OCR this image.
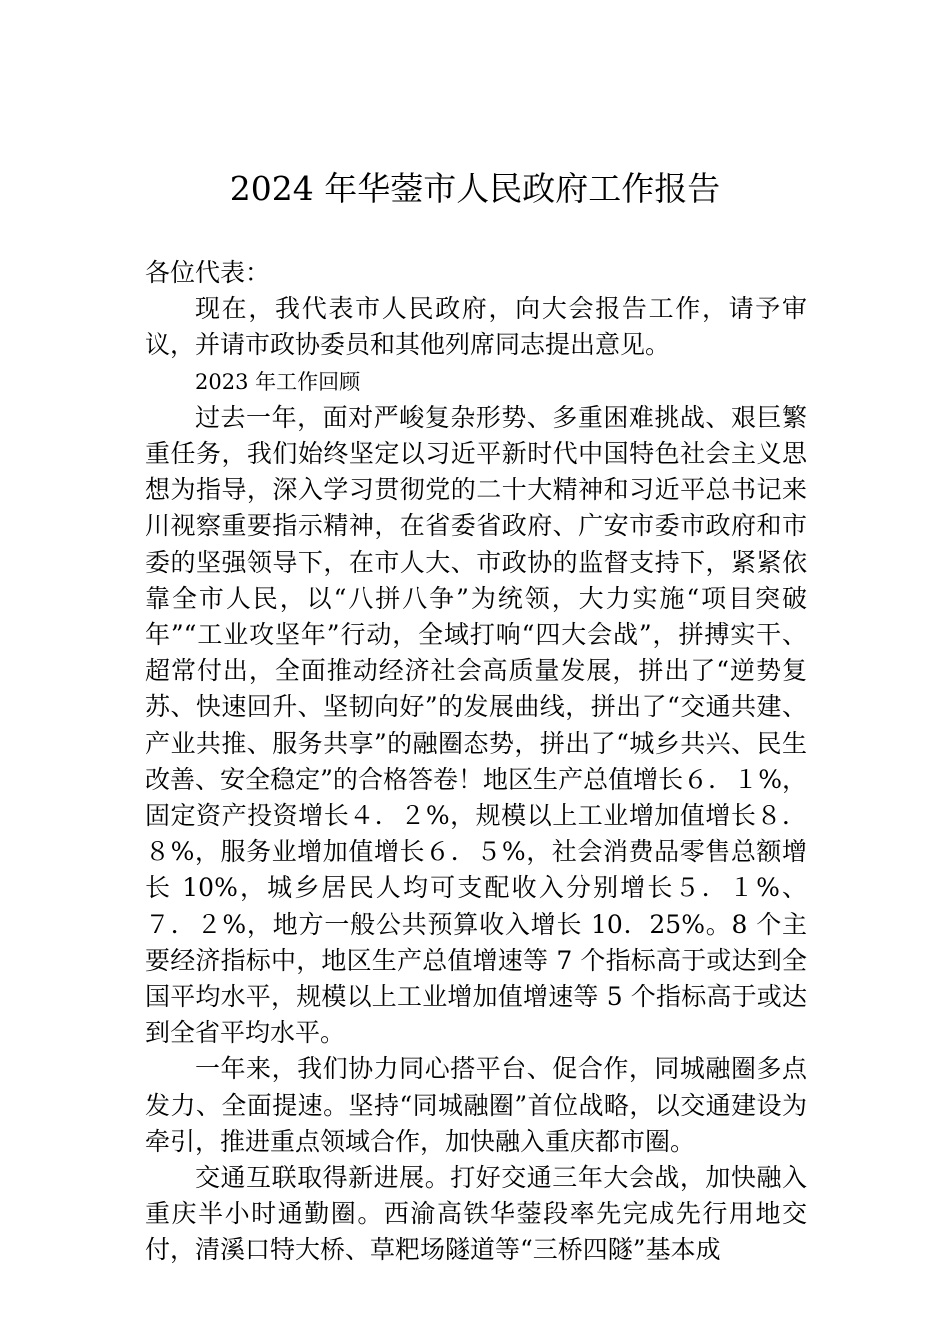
2024 年华蓥市人民政府工作报告

各位代表：

现在，我代表市人民政府，向大会报告工作，请予审议，并请市政协委员和其他列席同志提出意见。

2023 年工作回顾

过去一年，面对严峻复杂形势、多重困难挑战、艰巨繁重任务，我们始终坚定以习近平新时代中国特色社会主义思想为指导，深入学习贯彻党的二十大精神和习近平总书记来川视察重要指示精神，在省委省政府、广安市委市政府和市委的坚强领导下，在市人大、市政协的监督支持下，紧紧依靠全市人民，以“八拼八争”为统领，大力实施“项目突破年”“工业攻坚年”行动，全域打响“四大会战”，拼搏实干、超常付出，全面推动经济社会高质量发展，拼出了“逆势复苏、快速回升、坚韧向好”的发展曲线，拼出了“交通共建、产业共推、服务共享”的融圈态势，拼出了“城乡共兴、民生改善、安全稳定”的合格答卷！地区生产总值增长６．１%，固定资产投资增长４．２%，规模以上工业增加值增长８．８%，服务业增加值增长６．５%，社会消费品零售总额增长 10%，城乡居民人均可支配收入分别增长５．１%、７．２%，地方一般公共预算收入增长 10．25%。8 个主要经济指标中，地区生产总值增速等 7 个指标高于或达到全国平均水平，规模以上工业增加值增速等 5 个指标高于或达到全省平均水平。

一年来，我们协力同心搭平台、促合作，同城融圈多点发力、全面提速。坚持“同城融圈”首位战略，以交通建设为牵引，推进重点领域合作，加快融入重庆都市圈。

交通互联取得新进展。打好交通三年大会战，加快融入重庆半小时通勤圈。西渝高铁华蓥段率先完成先行用地交付，清溪口特大桥、草粑场隧道等“三桥四隧”基本成
